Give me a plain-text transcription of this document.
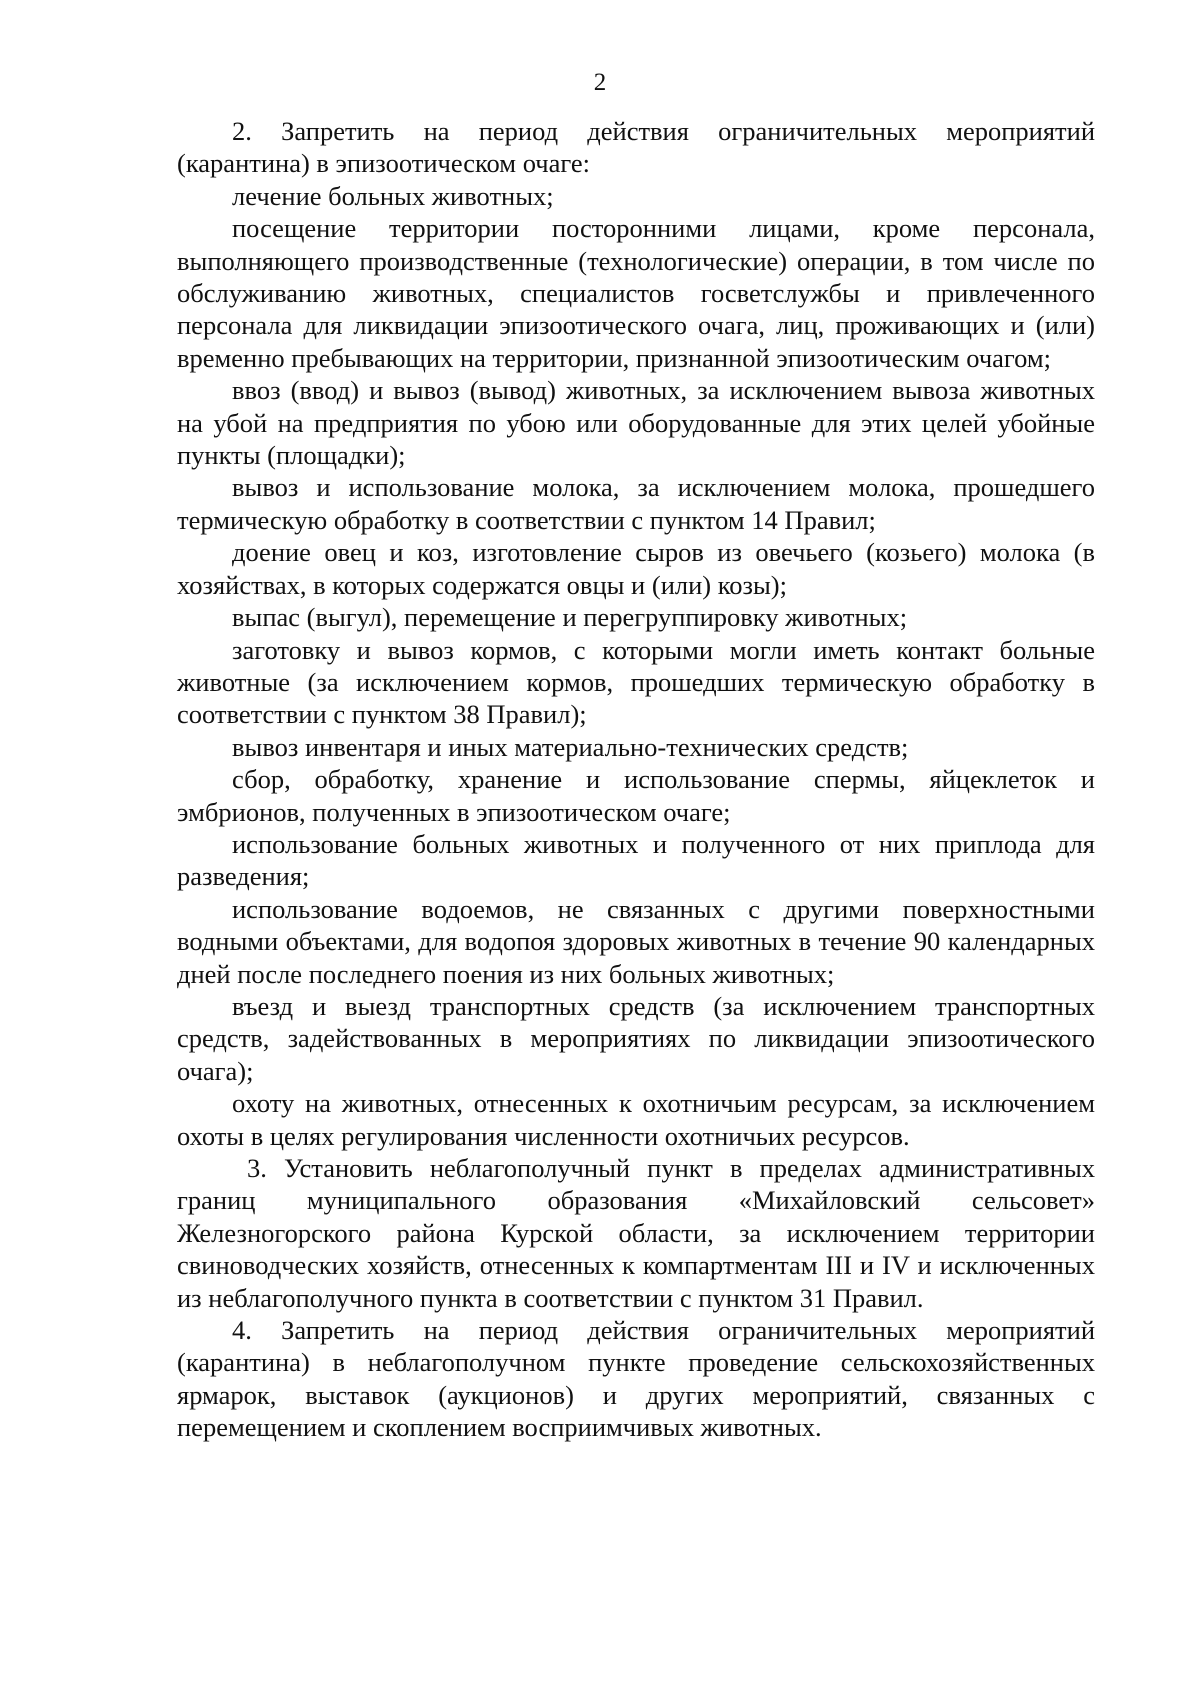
2

2. Запретить на период действия ограничительных мероприятий (карантина) в эпизоотическом очаге:

лечение больных животных;

посещение территории посторонними лицами, кроме персонала, выполняющего производственные (технологические) операции, в том числе по обслуживанию животных, специалистов госветслужбы и привлеченного персонала для ликвидации эпизоотического очага, лиц, проживающих и (или) временно пребывающих на территории, признанной эпизоотическим очагом;

ввоз (ввод) и вывоз (вывод) животных, за исключением вывоза животных на убой на предприятия по убою или оборудованные для этих целей убойные пункты (площадки);

вывоз и использование молока, за исключением молока, прошедшего термическую обработку в соответствии с пунктом 14 Правил;

доение овец и коз, изготовление сыров из овечьего (козьего) молока (в хозяйствах, в которых содержатся овцы и (или) козы);

выпас (выгул), перемещение и перегруппировку животных;

заготовку и вывоз кормов, с которыми могли иметь контакт больные животные (за исключением кормов, прошедших термическую обработку в соответствии с пунктом 38 Правил);

вывоз инвентаря и иных материально-технических средств;

сбор, обработку, хранение и использование спермы, яйцеклеток и эмбрионов, полученных в эпизоотическом очаге;

использование больных животных и полученного от них приплода для разведения;

использование водоемов, не связанных с другими поверхностными водными объектами, для водопоя здоровых животных в течение 90 календарных дней после последнего поения из них больных животных;

въезд и выезд транспортных средств (за исключением транспортных средств, задействованных в мероприятиях по ликвидации эпизоотического очага);

охоту на животных, отнесенных к охотничьим ресурсам, за исключением охоты в целях регулирования численности охотничьих ресурсов.

3. Установить неблагополучный пункт в пределах административных границ муниципального образования «Михайловский сельсовет» Железногорского района Курской области, за исключением территории свиноводческих хозяйств, отнесенных к компартментам III и IV и исключенных из неблагополучного пункта в соответствии с пунктом 31 Правил.

4. Запретить на период действия ограничительных мероприятий (карантина) в неблагополучном пункте проведение сельскохозяйственных ярмарок, выставок (аукционов) и других мероприятий, связанных с перемещением и скоплением восприимчивых животных.
